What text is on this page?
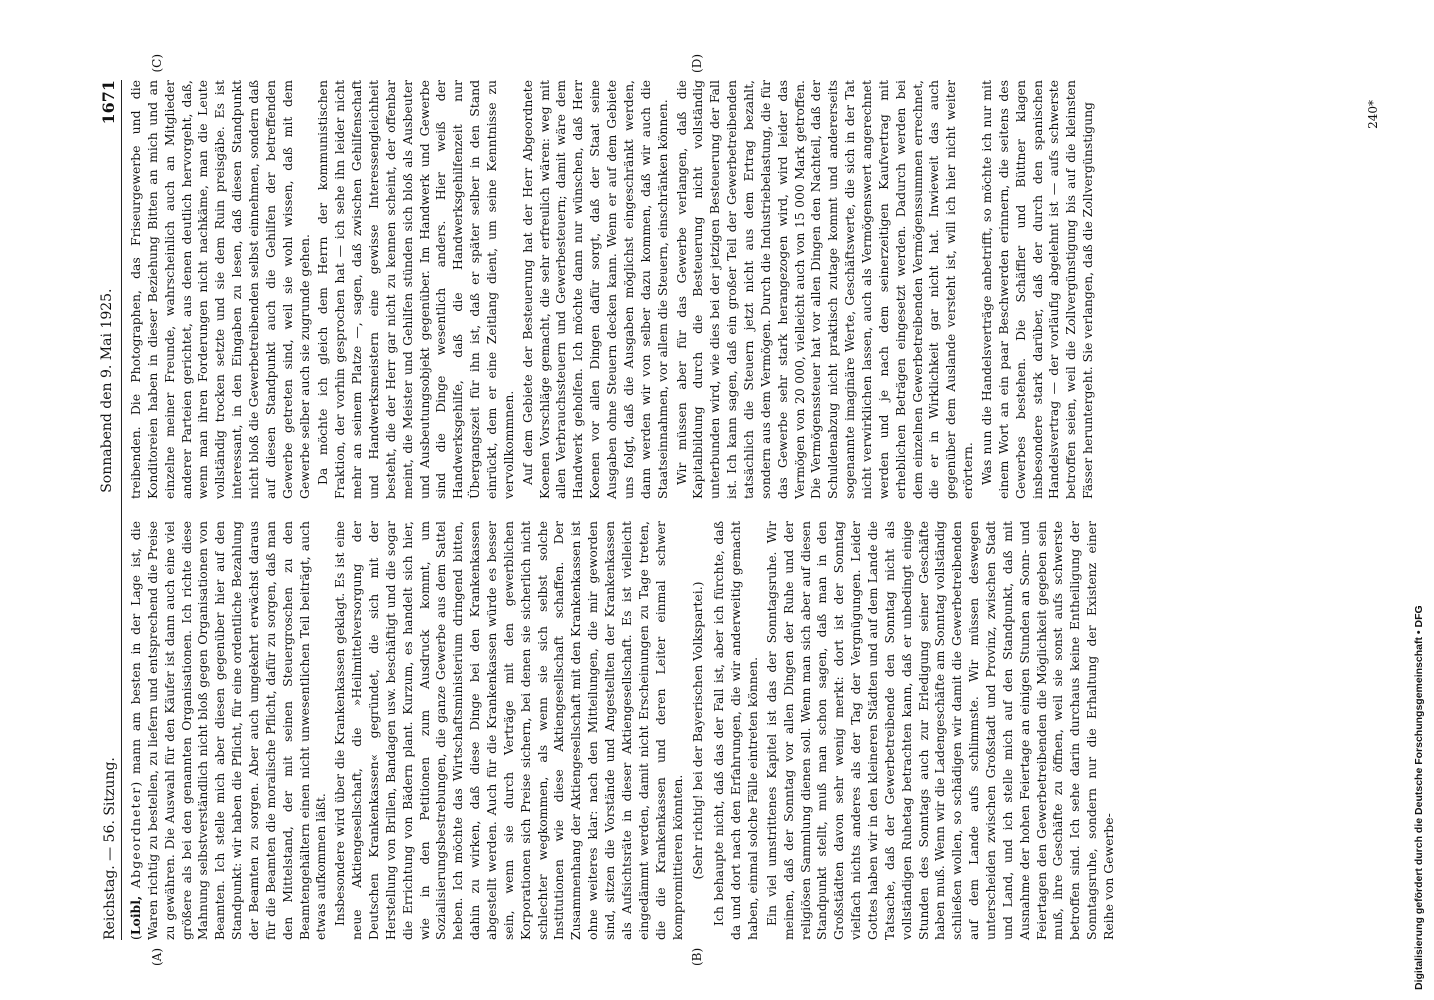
Reichstag. — 56. Sitzung.
Sonnabend den 9. Mai 1925.
1671

(Loibl, Abgeordneter) mann am besten in der Lage ist, die Waren richtig zu bestellen, zu liefern und entsprechend die Preise zu gewähren. Die Auswahl für den Käufer ist dann auch eine viel größere als bei den genannten Organisationen. Ich richte diese Mahnung selbstverständlich nicht bloß gegen Organisationen von Beamten. Ich stelle mich aber diesen gegenüber hier auf den Standpunkt: wir haben die Pflicht, für eine ordentliche Bezahlung der Beamten zu sorgen. Aber auch umgekehrt erwächst daraus für die Beamten die moralische Pflicht, dafür zu sorgen, daß man den Mittelstand, der mit seinen Steuergroschen zu den Beamtengehältern einen nicht unwesentlichen Teil beiträgt, auch etwas aufkommen läßt. Insbesondere wird über die Krankenkassen geklagt. Es ist eine neue Aktiengesellschaft, die »Heilmittelversorgung der Deutschen Krankenkassen« gegründet, die sich mit der Herstellung von Brillen, Bandagen usw. beschäftigt und die sogar die Errichtung von Bädern plant. Kurzum, es handelt sich hier, wie in den Petitionen zum Ausdruck kommt, um Sozialisierungsbestrebungen, die ganze Gewerbe aus dem Sattel heben. Ich möchte das Wirtschaftsministerium dringend bitten, dahin zu wirken, daß diese Dinge bei den Krankenkassen abgestellt werden. Auch für die Krankenkassen würde es besser sein, wenn sie durch Verträge mit den gewerblichen Korporationen sich Preise sichern, bei denen sie sicherlich nicht schlechter wegkommen, als wenn sie sich selbst solche Institutionen wie diese Aktiengesellschaft schaffen. Der Zusammenhang der Aktiengesellschaft mit den Krankenkassen ist ohne weiteres klar: nach den Mitteilungen, die mir geworden sind, sitzen die Vorstände und Angestellten der Krankenkassen als Aufsichtsräte in dieser Aktiengesellschaft. Es ist vielleicht eingedämmt werden, damit nicht Erscheinungen zu Tage treten, die die Krankenkassen und deren Leiter einmal schwer kompromittieren könnten. (Sehr richtig! bei der Bayerischen Volkspartei.) Ich behaupte nicht, daß das der Fall ist, aber ich fürchte, daß da und dort nach den Erfahrungen, die wir anderweitig gemacht haben, einmal solche Fälle eintreten können. Ein viel umstrittenes Kapitel ist das der Sonntagsruhe. Wir meinen, daß der Sonntag vor allen Dingen der Ruhe und der religiösen Sammlung dienen soll. Wenn man sich aber auf diesen Standpunkt stellt, muß man schon sagen, daß man in den Großstädten davon sehr wenig merkt: dort ist der Sonntag vielfach nichts anderes als der Tag der Vergnügungen. Leider Gottes haben wir in den kleineren Städten und auf dem Lande die Tatsache, daß der Gewerbetreibende den Sonntag nicht als vollständigen Ruhetag betrachten kann, daß er unbedingt einige Stunden des Sonntags auch zur Erledigung seiner Geschäfte haben muß. Wenn wir die Ladengeschäfte am Sonntag vollständig schließen wollen, so schädigen wir damit die Gewerbetreibenden auf dem Lande aufs schlimmste. Wir müssen deswegen unterscheiden zwischen Großstadt und Provinz, zwischen Stadt und Land, und ich stelle mich auf den Standpunkt, daß mit Ausnahme der hohen Feiertage an einigen Stunden an Sonn- und Feiertagen den Gewerbetreibenden die Möglichkeit gegeben sein muß, ihre Geschäfte zu öffnen, weil sie sonst aufs schwerste betroffen sind. Ich sehe darin durchaus keine Entheiligung der Sonntagsruhe, sondern nur die Erhaltung der Existenz einer Reihe von Gewerbe-

treibenden. Die Photographen, das Friseurgewerbe und die Konditoreien haben in dieser Beziehung Bitten an mich und an einzelne meiner Freunde, wahrscheinlich auch an Mitglieder anderer Parteien gerichtet, aus denen deutlich hervorgeht, daß, wenn man ihren Forderungen nicht nachkäme, man die Leute vollständig trocken setzte und sie dem Ruin preisgäbe. Es ist interessant, in den Eingaben zu lesen, daß diesen Standpunkt nicht bloß die Gewerbetreibenden selbst einnehmen, sondern daß auf diesen Standpunkt auch die Gehilfen der betreffenden Gewerbe getreten sind, weil sie wohl wissen, daß mit dem Gewerbe selber auch sie zugrunde gehen. Da möchte ich gleich dem Herrn der kommunistischen Fraktion, der vorhin gesprochen hat — ich sehe ihn leider nicht mehr an seinem Platze —, sagen, daß zwischen Gehilfenschaft und Handwerksmeistern eine gewisse Interessengleichheit besteht, die der Herr gar nicht zu kennen scheint, der offenbar meint, die Meister und Gehilfen stünden sich bloß als Ausbeuter und Ausbeutungsobjekt gegenüber. Im Handwerk und Gewerbe sind die Dinge wesentlich anders. Hier weiß der Handwerksgehilfe, daß die Handwerksgehilfenzeit nur Übergangszeit für ihn ist, daß er später selber in den Stand einrückt, dem er eine Zeitlang dient, um seine Kenntnisse zu vervollkommnen. Auf dem Gebiete der Besteuerung hat der Herr Abgeordnete Koenen Vorschläge gemacht, die sehr erfreulich wären: weg mit allen Verbrauchssteuern und Gewerbesteuern; damit wäre dem Handwerk geholfen. Ich möchte dann nur wünschen, daß Herr Koenen vor allen Dingen dafür sorgt, daß der Staat seine Ausgaben ohne Steuern decken kann. Wenn er auf dem Gebiete uns folgt, daß die Ausgaben möglichst eingeschränkt werden, dann werden wir von selber dazu kommen, daß wir auch die Staatseinnahmen, vor allem die Steuern, einschränken können. Wir müssen aber für das Gewerbe verlangen, daß die Kapitalbildung durch die Besteuerung nicht vollständig unterbunden wird, wie dies bei der jetzigen Besteuerung der Fall ist. Ich kann sagen, daß ein großer Teil der Gewerbetreibenden tatsächlich die Steuern jetzt nicht aus dem Ertrag bezahlt, sondern aus dem Vermögen. Durch die Industriebelastung, die für das Gewerbe sehr stark herangezogen wird, wird leider das Vermögen von 20 000, vielleicht auch von 15 000 Mark getroffen. Die Vermögenssteuer hat vor allen Dingen den Nachteil, daß der Schuldenabzug nicht praktisch zutage kommt und andererseits sogenannte imaginäre Werte, Geschäftswerte, die sich in der Tat nicht verwirklichen lassen, auch als Vermögenswert angerechnet werden und je nach dem seinerzeitigen Kaufvertrag mit erheblichen Beträgen eingesetzt werden. Dadurch werden bei dem einzelnen Gewerbetreibenden Vermögenssummen errechnet, die er in Wirklichkeit gar nicht hat. Inwieweit das auch gegenüber dem Auslande versteht ist, will ich hier nicht weiter erörtern. Was nun die Handelsverträge anbetrifft, so möchte ich nur mit einem Wort an ein paar Beschwerden erinnern, die seitens des Gewerbes bestehen. Die Schäffler und Büttner klagen insbesondere stark darüber, daß der durch den spanischen Handelsvertrag — der vorläufig abgelehnt ist — aufs schwerste betroffen seien, weil die Zollvergünstigung bis auf die kleinsten Fässer heruntergeht. Sie verlangen, daß die Zollvergünstigung

(A)	(B)
(C)	(D)
240*
Digitalisierung gefördert durch die Deutsche Forschungsgemeinschaft • DFG
